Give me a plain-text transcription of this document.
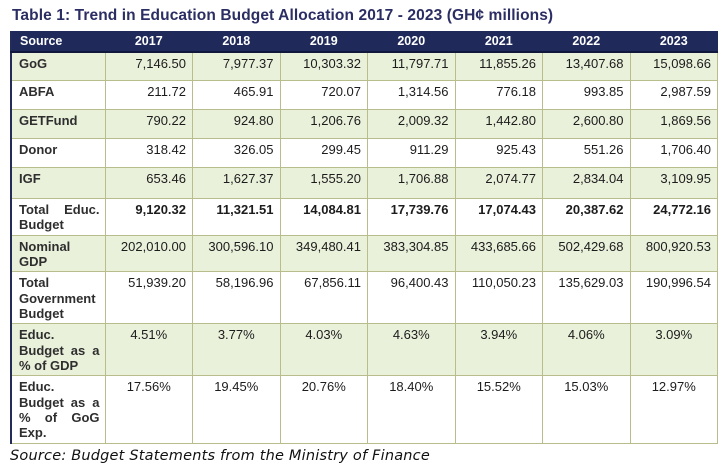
Table 1: Trend in Education Budget Allocation 2017 - 2023 (GH¢ millions)
Source	2017	2018	2019	2020	2021	2022	2023
GoG	7,146.50	7,977.37	10,303.32	11,797.71	11,855.26	13,407.68	15,098.66
ABFA	211.72	465.91	720.07	1,314.56	776.18	993.85	2,987.59
GETFund	790.22	924.80	1,206.76	2,009.32	1,442.80	2,600.80	1,869.56
Donor	318.42	326.05	299.45	911.29	925.43	551.26	1,706.40
IGF	653.46	1,627.37	1,555.20	1,706.88	2,074.77	2,834.04	3,109.95
Total Educ. Budget	9,120.32	11,321.51	14,084.81	17,739.76	17,074.43	20,387.62	24,772.16
Nominal GDP	202,010.00	300,596.10	349,480.41	383,304.85	433,685.66	502,429.68	800,920.53
Total Government Budget	51,939.20	58,196.96	67,856.11	96,400.43	110,050.23	135,629.03	190,996.54
Educ. Budget as a % of GDP	4.51%	3.77%	4.03%	4.63%	3.94%	4.06%	3.09%
Educ. Budget as a % of GoG Exp.	17.56%	19.45%	20.76%	18.40%	15.52%	15.03%	12.97%
Source: Budget Statements from the Ministry of Finance
